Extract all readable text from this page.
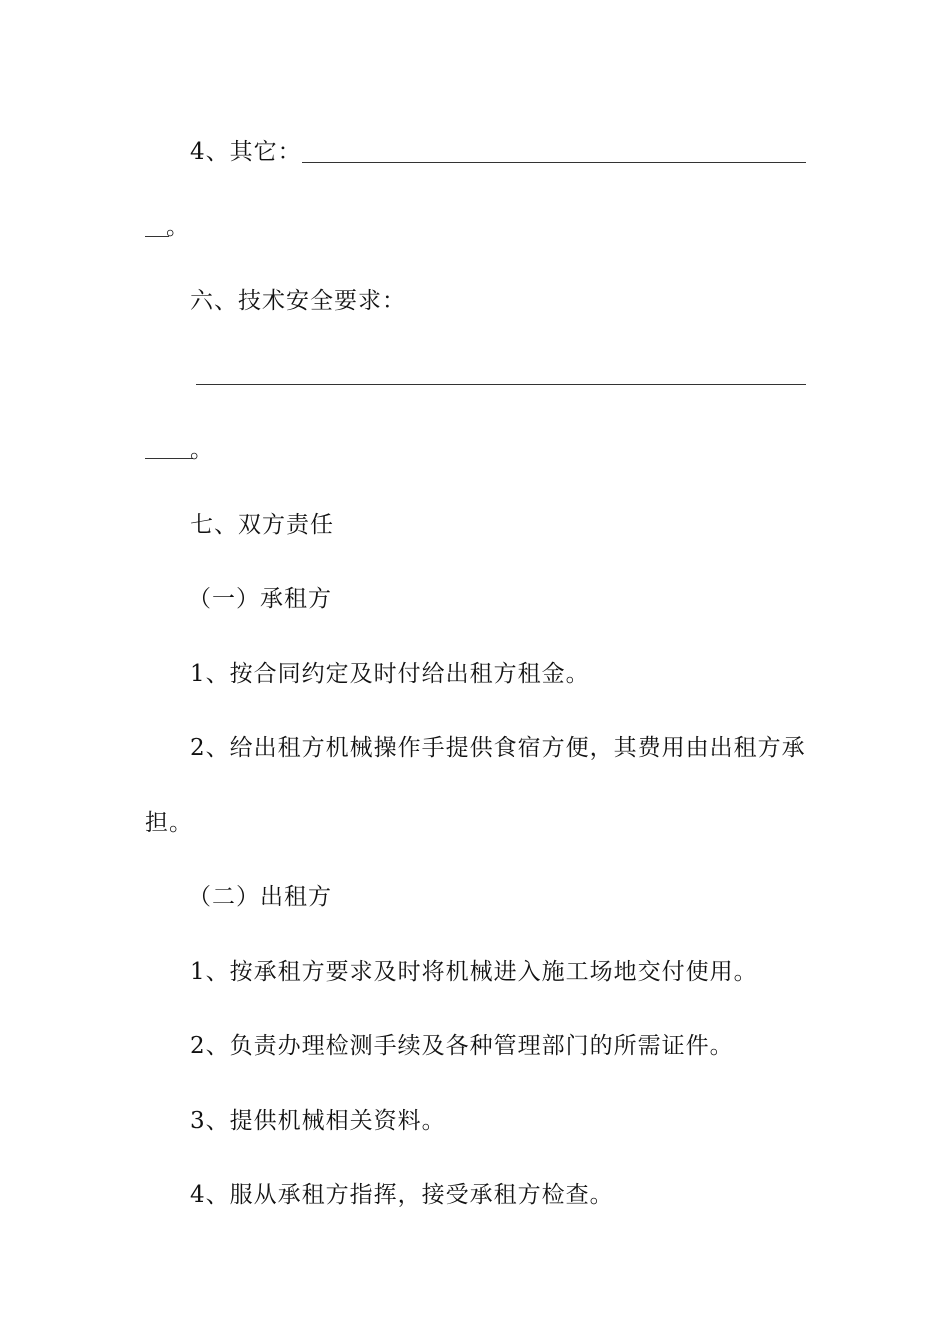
4、其它：
。
六、技术安全要求：
。
七、双方责任
（一）承租方
1、按合同约定及时付给出租方租金。
2、给出租方机械操作手提供食宿方便，其费用由出租方承
担。
（二）出租方
1、按承租方要求及时将机械进入施工场地交付使用。
2、负责办理检测手续及各种管理部门的所需证件。
3、提供机械相关资料。
4、服从承租方指挥，接受承租方检查。
